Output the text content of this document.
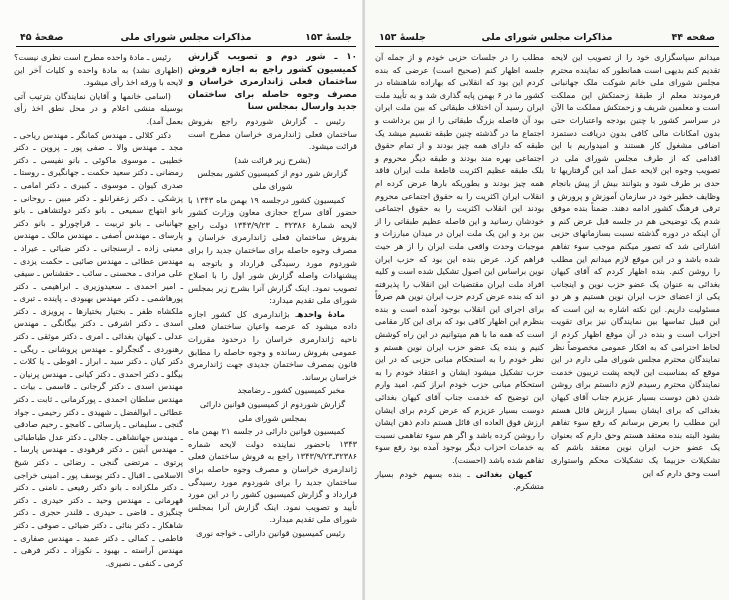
جلسهٔ ۱۵۳
مذاکرات مجلس شورای ملی
صفحهٔ ۴۵

۱۰ ـ شور دوم و تصویب گزارش کمیسیون کشور راجع به اجازه فروش ساختمان فعلی ژاندارمری خراسان و مصرف وجوه حاصله برای ساختمان جدید وارسال بمجلس سنا

رئیس ـ گزارش شوردوم راجع بفروش ساختمان فعلی ژاندارمری خراسان مطرح است قرائت میشود.

(بشرح زیر قرائت شد)

گزارش شور دوم از کمیسیون کشور بمجلس شورای ملی

کمیسیون کشور درجلسه ۱۹ بهمن ماه ۱۳۴۳ با حضور آقای سراج حجازی معاون وزارت کشور لایحه شمارهٔ ۳۲۳۸۶ ـ ۱۳۴۳/۹/۲۳ دولت راجع بفروش ساختمان فعلی ژاندارمری خراسان و مصرف وجوه حاصله برای ساختمان جدید را برای شوردوم مورد رسیدگی قرارداد و باتوجه به پیشنهادات واصله گزارش شور اول را با اصلاح تصویب نمود. اینک گزارش آنرا بشرح زیر بمجلس شورای ملی تقدیم میدارد:

مادهٔ واحدهـ بژاندارمری کل کشور اجازه داده میشود که عرصه واعیان ساختمان فعلی ناحیه ژاندارمری خراسان را درحدود مقررات عمومی بفروش رسانده و وجوه حاصله را مطابق قانون بمصرف ساختمان جدیدی جهت ژاندارمری خراسان برساند.

مخبر کمیسیون کشور ـ رضامجد

گزارش شوردوم از کمیسیون قوانین دارائی

بمجلس شورای ملی

کمیسیون قوانین دارائی در جلسه ۲۱ بهمن ماه ۱۳۴۳ باحضور نماینده دولت لایحه شماره ۳۲۳۸۶ـ۱۳۴۳/۹/۲۳ راجع به فروش ساختمان فعلی ژاندارمری خراسان و مصرف وجوه حاصله برای ساختمان جدید را برای شوردوم مورد رسیدگی قرارداد و گزارش کمیسیون کشور را در این مورد تأیید و تصویب نمود. اینک گزارش آنرا بمجلس شورای ملی تقدیم میدارد.

رئیس کمیسیون قوانین دارائی ـ خواجه نوری

رئیس ـ مادهٔ واحده مطرح است نظری نیست؟ (اظهاری نشد) به مادهٔ واحده و کلیات آخر این لایحه با ورقه اخذ رأی میشود.

(اسامی خانمها و آقایان نمایندگان بترتیب آتی بوسیله منشی اعلام و در محل نطق اخذ رأی بعمل آمد).

دکتر کلالی ـ مهندس کمانگر ـ مهندس ریاحی ـ مجد ـ مهندس والا ـ صفی پور ـ پروین ـ دکتر خطیبی ـ موسوی ماکوئی ـ بانو نفیسی ـ دکتر رمضانی ـ دکتر سعید حکمت ـ جهانگیری ـ روستا ـ صدری کیوان ـ موسوی ـ کبیری ـ دکتر امامی ـ پزشکی ـ دکتر زعفرانلو ـ دکتر مبین ـ روحانی ـ بانو ابتهاج سمیعی ـ بانو دکتر دولتشاهی ـ بانو جهانبانی ـ بانو تربیت ـ قراچورلو ـ بانو دکتر پارسای ـ مهندس آصفی ـ مهندس مالک ـ مهندس معینی زاده ـ ارسنجانی ـ دکتر ضیائی ـ عیراد ـ مهندس عطائی ـ مهندس صائبی ـ حکمت یزدی ـ علی مرادی ـ محسنی ـ سائب ـ حقشناس ـ سیفی ـ امیر احمدی ـ سعیدوزیری ـ ابراهیمی ـ دکتر پورهاشمی ـ دکتر مهندس بهبودی ـ پاینده ـ تبری ـ ملکشاه ظفر ـ بختیار بختیارها ـ پرویزی ـ دکتر اسدی ـ دکتر اشرفی ـ دکتر بیگانگی ـ مهندس عدلی ـ کیهان بغدائی ـ امری ـ دکتر موثقی ـ دکتر رهنوردی ـ گنجگرلو ـ مهندس پروشانی ـ ریگی ـ دکتر کیان ـ دکتر سید ـ ابراز ـ افوطی ـ یا کلات ـ بیگلو ـ دکتر احمدی ـ دکتر کیانی ـ مهندس پرنیان ـ مهندس اسدی ـ دکتر گرجانی ـ قاسمی ـ بیات ـ مهندس سلطان احمدی ـ پورکرمانی ـ ثابت ـ دکتر عطائی ـ ابوالفضل ـ شهیدی ـ دکتر رحیمی ـ جواد گنجی ـ سلیمانی ـ پارسائی ـ کامجو ـ رحیم صادقی ـ مهندس جهانشاهی ـ جلالی ـ دکتر عدل طباطبائی ـ مهندس آبتین ـ دکتر فرهودی ـ مهندس پارسا ـ پرتوی ـ مرتضی گنجی ـ رضائی ـ دکتر شیخ الاسلامی ـ اقبال ـ دکتر یوسف پور ـ امینی خراجی ـ دکتر ملکزاده ـ بانو دکتر رفیعی ـ نامنی ـ دکتر قهرمانی ـ مهندس وحید ـ دکتر حیدری ـ دکتر چنگیزی ـ قاضی ـ حیدری ـ قلندر حجری ـ دکتر شاهکار ـ دکتر بنائی ـ دکتر ضیائی ـ صوفی ـ دکتر فاطمی ـ کمالی ـ دکتر عمید ـ مهندس صفاری ـ مهندس آراسته ـ بهبود ـ نکوزاد ـ دکتر فرهی ـ کرمی ـ کنفی ـ نصیری.

صفحه ۴۴
مذاکرات مجلس شورای ملی
جلسهٔ ۱۵۳

میدانم سپاسگزاری خود را از تصویب این لایحه تقدیم کنم بدیهی است همانطور که نماینده محترم مجلس شورای ملی خانم شوکت ملک جهانبانی فرمودند معلم از طبقهٔ زحمتکش این مملکت است و معلمین شریف و زحمتکش مملکت ما الآن در سراسر کشور با چنین بودجه واعتبارات حتی بدون امکانات مالی کافی بدون دریافت دستمزد اضافی مشغول کار هستند و امیدواریم با این اقدامی که از طرف مجلس شورای ملی در تصویب وجوه این لایحه عمل آمد این گرفتاریها تا حدی بر طرف شود و بتوانند بیش از پیش بانجام وظایف خطیر خود در سازمان آموزش و پرورش و ترقی فرهنگ کشور ادامه دهند. ضمناً بنده موفق شدم یک توضیحی هم در جلسه قبل عرض کنم و آن اینکه در دوره گذشته نسبت بسازمانهای حزبی اشاراتی شد که تصور میکنم موجب سوء تفاهم شده باشد و در این موقع لازم میدانم این مطلب را روشن کنم. بنده اظهار کردم که آقای کیهان بغدائی به عنوان یک عضو حزب نوین و اینجانب یکی از اعضای حزب ایران نوین هستیم و هر دو مسئولیت داریم. این نکته اشاره به این است که این قبیل تماسها بین نمایندگان نیز برای تقویت احزاب است و بنده در آن موقع اظهار کردم از لحاظ احترامی که به افکار عمومی مخصوصاً نظر نمایندگان محترم مجلس شورای ملی دارم در این موقع که بمناسبت این لایحه پشت تریبون خدمت نمایندگان محترم رسیدم لازم دانستم برای روشن شدن ذهن دوست بسیار عزیزم جناب آقای کیهان بغدائی که برای ایشان بسیار ارزش قائل هستم این مطلب را بعرض برسانم که رفع سوء تفاهم بشود البته بنده معتقد هستم وحق دارم که بعنوان یک عضو حزب ایران نوین معتقد باشم که تشکیلات حزبیما یک تشکیلات محکم واستواری است وحق دارم که این

مطلب را در جلسات حزبی خودم و از جمله آن جلسه اظهار کنم (صحیح است) عرضی که بنده کردم این بود که انقلابی که بهاراده شاهنشاه در کشور ما در ۶ بهمن پایه گذاری شد و به تأیید ملت ایران رسید آن اختلاف طبقاتی که بین ملت ایران بود آن فاصله بزرگ طبقاتی را از بین برداشت و اجتماع ما در گذشته چنین طبقه تقسیم میشد یک طبقه که دارای همه چیز بودند و از تمام حقوق اجتماعی بهره مند بودند و طبقه دیگر محروم و بلک طبقه عظیم اکثریت قاطعهٔ ملت ایران فاقد همه چیز بودند و بطوریکه بارها عرض کرده ام انقلاب ایران اکثریت را به حقوق اجتماعی محروم بودند این انقلاب اکثریت را به حقوق اجتماعی خودشان رسانید و این فاصله عظیم طبقاتی را از بین برد و این یک ملت ایران در میدان مبارزات و موجبات وحدت واقعی ملت ایران را از هر حیث فراهم کرد. عرض بنده این بود که حزب ایران نوین براساس این اصول تشکیل شده است و کلیه افراد ملت ایران مقتضیات این انقلاب را پذیرفته اند که بنده عرض کردم حزب ایران نوین هم صرفاً برای اجرای این انقلاب بوجود آمده است و بنده بنظرم این اظهار کافی بود که برای این کار مقامی است که همه ما با هم میتوانیم در این راه کوشش کنیم و بنده یک عضو حزب ایران نوین هستم و نظر خودم را به استحکام مبانی حزبی که در این حزب تشکیل میشود ایشان و اعتقاد خودم را به استحکام مبانی حزب خودم ابراز کنم، امید وارم این توضیح که خدمت جناب آقای کیهان بغدائی دوست بسیار عزیزم که عرض کردم برای ایشان ارزش فوق العاده ای قائل هستم دادم ذهن ایشان را روشن کرده باشد و اگر هم سوء تفاهمی نسبت به خدمات احزاب دیگر بوجود آمده بود رفع سوء تفاهم شده باشد (احسنت).

کیهان بغدائی ـ بنده بسهم خودم بسیار متشکرم.
